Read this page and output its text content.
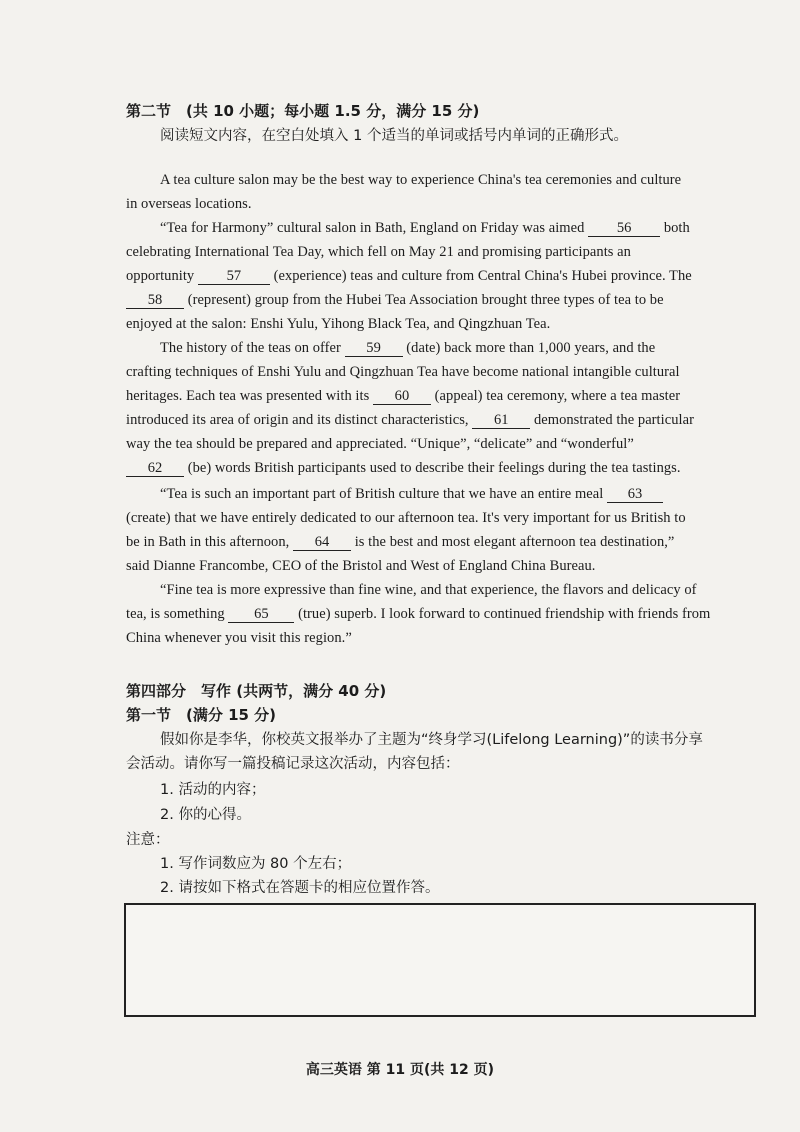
第二节　(共 10 小题；每小题 1.5 分，满分 15 分)
阅读短文内容，在空白处填入 1 个适当的单词或括号内单词的正确形式。
A tea culture salon may be the best way to experience China's tea ceremonies and culture
in overseas locations.
“Tea for Harmony” cultural salon in Bath, England on Friday was aimed 56 both
celebrating International Tea Day, which fell on May 21 and promising participants an
opportunity 57 (experience) teas and culture from Central China's Hubei province. The
58 (represent) group from the Hubei Tea Association brought three types of tea to be
enjoyed at the salon: Enshi Yulu, Yihong Black Tea, and Qingzhuan Tea.
The history of the teas on offer 59 (date) back more than 1,000 years, and the
crafting techniques of Enshi Yulu and Qingzhuan Tea have become national intangible cultural
heritages. Each tea was presented with its 60 (appeal) tea ceremony, where a tea master
introduced its area of origin and its distinct characteristics, 61 demonstrated the particular
way the tea should be prepared and appreciated. “Unique”, “delicate” and “wonderful”
62 (be) words British participants used to describe their feelings during the tea tastings.
“Tea is such an important part of British culture that we have an entire meal 63
(create) that we have entirely dedicated to our afternoon tea. It's very important for us British to
be in Bath in this afternoon, 64 is the best and most elegant afternoon tea destination,”
said Dianne Francombe, CEO of the Bristol and West of England China Bureau.
“Fine tea is more expressive than fine wine, and that experience, the flavors and delicacy of
tea, is something 65 (true) superb. I look forward to continued friendship with friends from
China whenever you visit this region.”
第四部分　写作 (共两节，满分 40 分)
第一节　(满分 15 分)
假如你是李华，你校英文报举办了主题为“终身学习(Lifelong Learning)”的读书分享
会活动。请你写一篇投稿记录这次活动，内容包括：
1. 活动的内容；
2. 你的心得。
注意：
1. 写作词数应为 80 个左右；
2. 请按如下格式在答题卡的相应位置作答。
高三英语 第 11 页(共 12 页)
